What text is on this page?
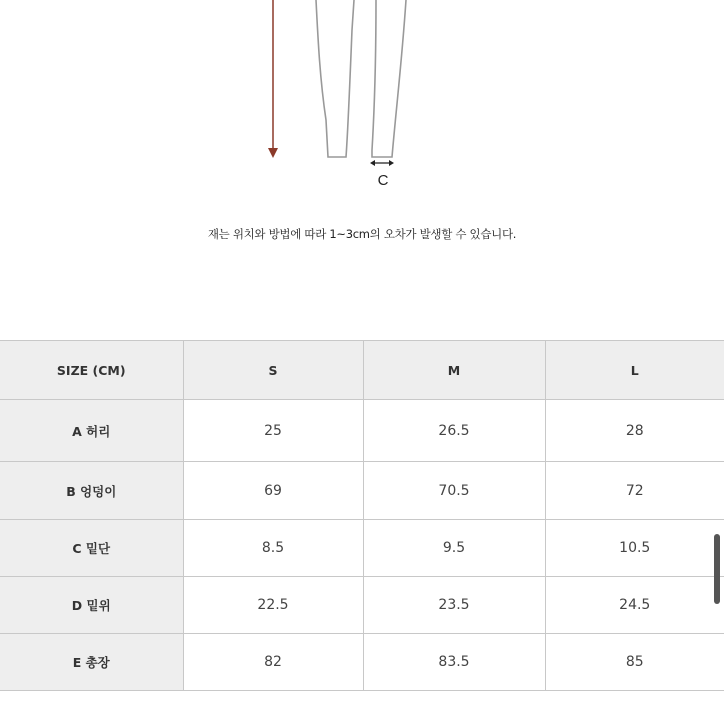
C
재는 위치와 방법에 따라 1~3cm의 오차가 발생할 수 있습니다.
SIZE (CM)	S	M	L
A 허리	25	26.5	28
B 엉덩이	69	70.5	72
C 밑단	8.5	9.5	10.5
D 밑위	22.5	23.5	24.5
E 총장	82	83.5	85
